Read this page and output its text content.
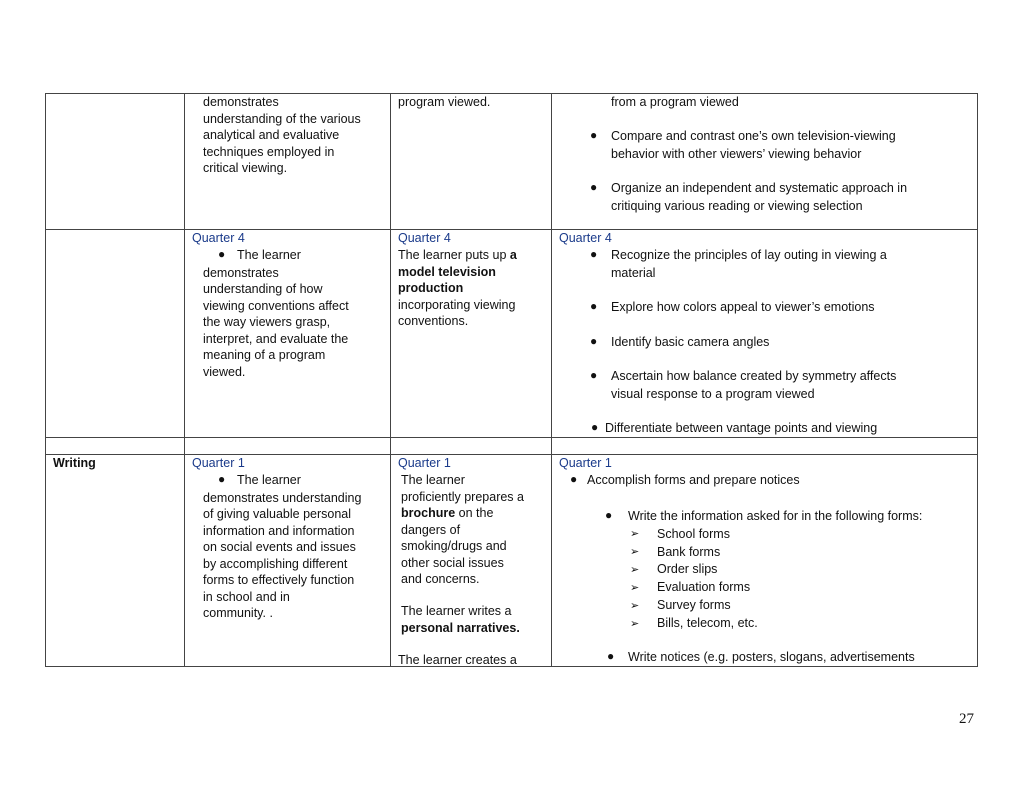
demonstrates
understanding of the various
analytical and evaluative
techniques employed in
critical viewing.
program viewed.	from a program viewed
● Compare and contrast one’s own television-viewing
behavior with other viewers’ viewing behavior
● Organize an independent and systematic approach in
critiquing various reading or viewing selection
Quarter 4
● The learner
demonstrates
understanding of how
viewing conventions affect
the way viewers grasp,
interpret, and evaluate the
meaning of a program
viewed.
Quarter 4
The learner puts up a
model television
production
incorporating viewing
conventions.
Quarter 4
● Recognize the principles of lay outing in viewing a
material
● Explore how colors appeal to viewer’s emotions
● Identify basic camera angles
● Ascertain how balance created by symmetry affects
visual response to a program viewed
● Differentiate between vantage points and viewing
Writing	Quarter 1
● The learner
demonstrates understanding
of giving valuable personal
information and information
on social events and issues
by accomplishing different
forms to effectively function
in school and in
community. .
Quarter 1
The learner
proficiently prepares a
brochure on the
dangers of
smoking/drugs and
other social issues
and concerns.
The learner writes a
personal narratives.
The learner creates a
Quarter 1
● Accomplish forms and prepare notices
● Write the information asked for in the following forms:
➢ School forms
➢ Bank forms
➢ Order slips
➢ Evaluation forms
➢ Survey forms
➢ Bills, telecom, etc.
● Write notices (e.g. posters, slogans, advertisements
27
